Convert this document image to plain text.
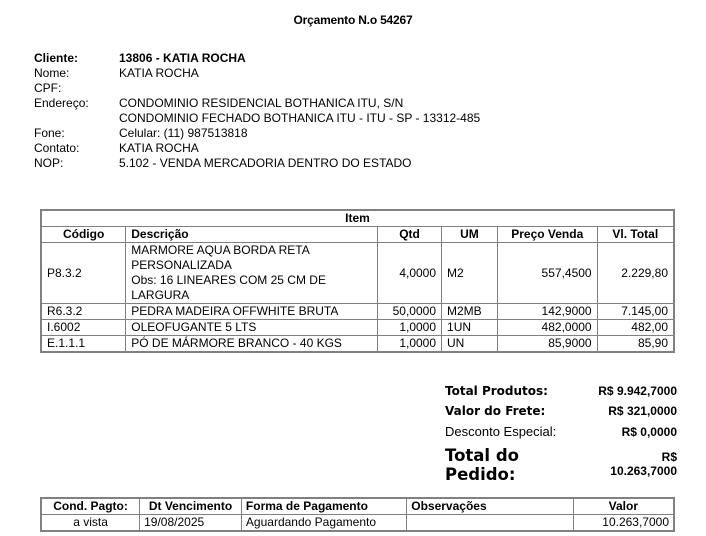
Orçamento N.o 54267
Cliente:	13806 - KATIA ROCHA
Nome:	KATIA ROCHA
CPF:
Endereço:	CONDOMINIO RESIDENCIAL BOTHANICA ITU, S/N
CONDOMINIO FECHADO BOTHANICA ITU - ITU - SP - 13312-485
Fone:	Celular: (11) 987513818
Contato:	KATIA ROCHA
NOP:	5.102 - VENDA MERCADORIA DENTRO DO ESTADO
Item					
Código	Descrição	Qtd	UM	Preço Venda	Vl. Total
P8.3.2	MARMORE AQUA BORDA RETA
PERSONALIZADA
Obs: 16 LINEARES COM 25 CM DE
LARGURA	4,0000	M2	557,4500	2.229,80
R6.3.2	PEDRA MADEIRA OFFWHITE BRUTA	50,0000	M2MB	142,9000	7.145,00
I.6002	OLEOFUGANTE 5 LTS	1,0000	1UN	482,0000	482,00
E.1.1.1	PÓ DE MÁRMORE BRANCO - 40 KGS	1,0000	UN	85,9000	85,90
Total Produtos:	R$ 9.942,7000
Valor do Frete:	R$ 321,0000
Desconto Especial:	R$ 0,0000
Total do Pedido:
R$ 10.263,7000
Cond. Pagto:	Dt Vencimento	Forma de Pagamento	Observações	Valor
a vista	19/08/2025	Aguardando Pagamento		10.263,7000
